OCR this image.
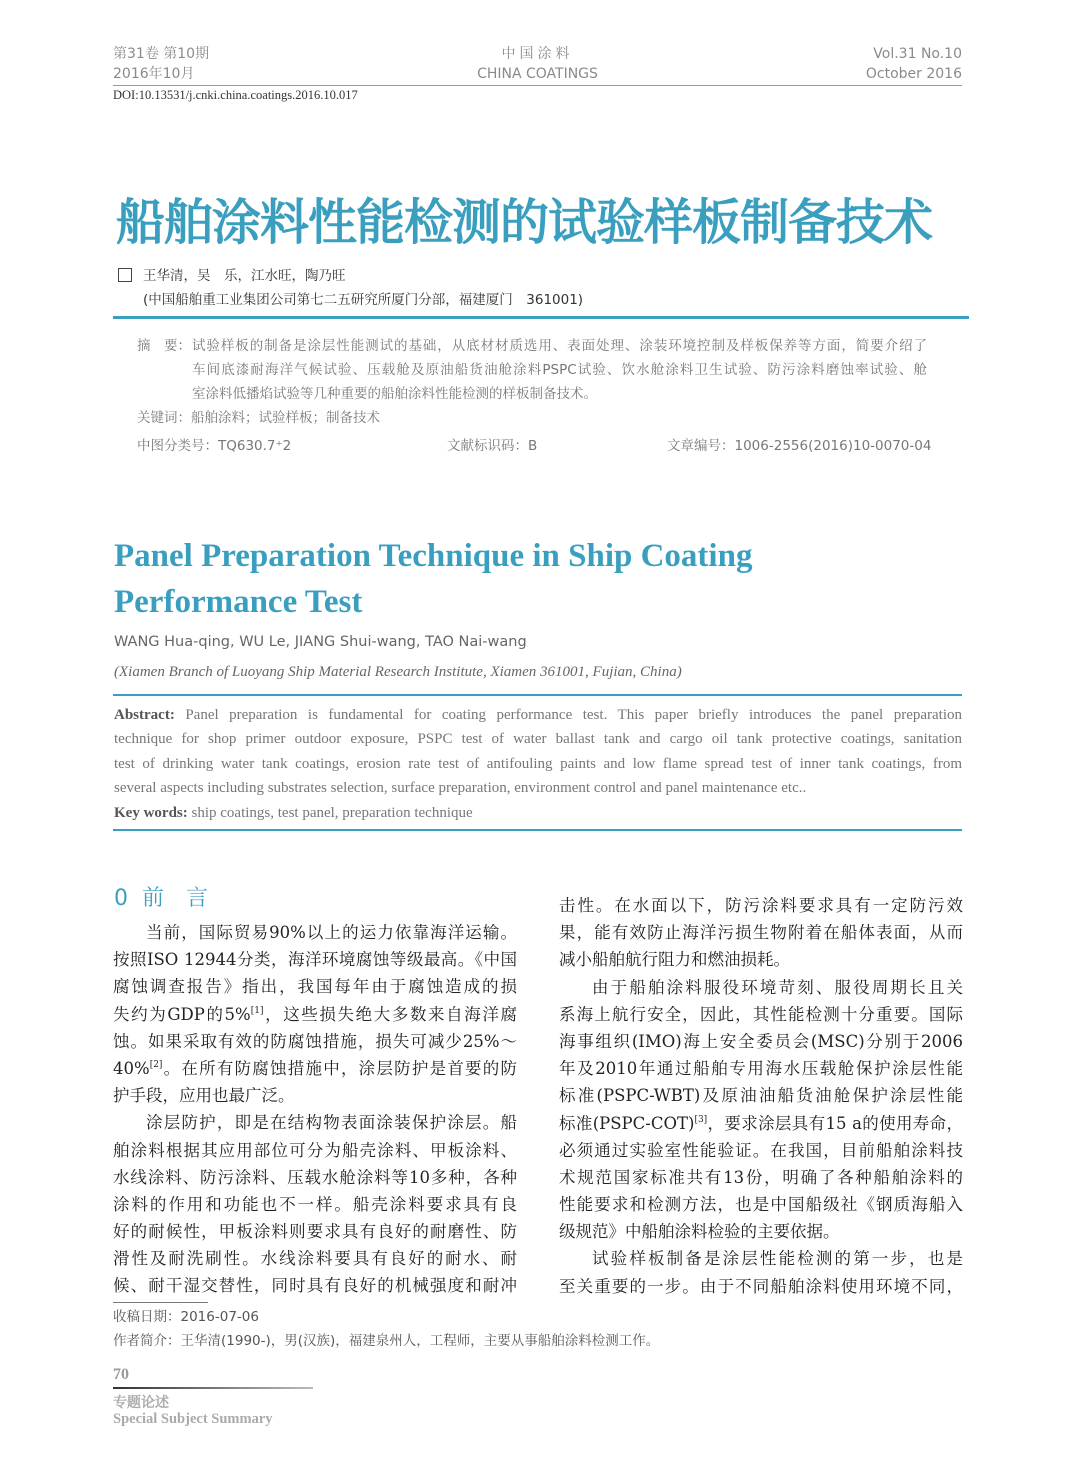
第31卷 第10期
2016年10月
中国涂料
CHINA COATINGS
Vol.31 No.10
October 2016
DOI:10.13531/j.cnki.china.coatings.2016.10.017
船舶涂料性能检测的试验样板制备技术
王华清，吴　乐，江水旺，陶乃旺
(中国船舶重工业集团公司第七二五研究所厦门分部，福建厦门　361001)
摘　要： 试验样板的制备是涂层性能测试的基础，从底材材质选用、表面处理、涂装环境控制及样板保养等方面，简要介绍了
车间底漆耐海洋气候试验、压载舱及原油船货油舱涂料PSPC试验、饮水舱涂料卫生试验、防污涂料磨蚀率试验、舱
室涂料低播焰试验等几种重要的船舶涂料性能检测的样板制备技术。
关键词：船舶涂料；试验样板；制备技术
中图分类号：TQ630.7⁺2	文献标识码：B	文章编号：1006-2556(2016)10-0070-04
Panel Preparation Technique in Ship Coating
Performance Test
WANG Hua-qing, WU Le, JIANG Shui-wang, TAO Nai-wang
(Xiamen Branch of Luoyang Ship Material Research Institute, Xiamen 361001, Fujian, China)
Abstract: Panel preparation is fundamental for coating performance test. This paper briefly introduces the panel preparation
technique for shop primer outdoor exposure, PSPC test of water ballast tank and cargo oil tank protective coatings, sanitation
test of drinking water tank coatings, erosion rate test of antifouling paints and low flame spread test of inner tank coatings, from
several aspects including substrates selection, surface preparation, environment control and panel maintenance etc..
Key words: ship coatings, test panel, preparation technique
0 前　言
当前，国际贸易90%以上的运力依靠海洋运输。
按照ISO 12944分类，海洋环境腐蚀等级最高。《中国
腐蚀调查报告》指出，我国每年由于腐蚀造成的损
失约为GDP的5%[1]，这些损失绝大多数来自海洋腐
蚀。如果采取有效的防腐蚀措施，损失可减少25%～
40%[2]。在所有防腐蚀措施中，涂层防护是首要的防
护手段，应用也最广泛。
涂层防护，即是在结构物表面涂装保护涂层。船
舶涂料根据其应用部位可分为船壳涂料、甲板涂料、
水线涂料、防污涂料、压载水舱涂料等10多种，各种
涂料的作用和功能也不一样。船壳涂料要求具有良
好的耐候性，甲板涂料则要求具有良好的耐磨性、防
滑性及耐洗刷性。水线涂料要具有良好的耐水、耐
候、耐干湿交替性，同时具有良好的机械强度和耐冲
击性。在水面以下，防污涂料要求具有一定防污效
果，能有效防止海洋污损生物附着在船体表面，从而
减小船舶航行阻力和燃油损耗。
由于船舶涂料服役环境苛刻、服役周期长且关
系海上航行安全，因此，其性能检测十分重要。国际
海事组织(IMO)海上安全委员会(MSC)分别于2006
年及2010年通过船舶专用海水压载舱保护涂层性能
标准(PSPC-WBT)及原油油船货油舱保护涂层性能
标准(PSPC-COT)[3]，要求涂层具有15 a的使用寿命，
必须通过实验室性能验证。在我国，目前船舶涂料技
术规范国家标准共有13份，明确了各种船舶涂料的
性能要求和检测方法，也是中国船级社《钢质海船入
级规范》中船舶涂料检验的主要依据。
试验样板制备是涂层性能检测的第一步，也是
至关重要的一步。由于不同船舶涂料使用环境不同，
收稿日期：2016-07-06
作者简介：王华清(1990-)，男(汉族)，福建泉州人，工程师，主要从事船舶涂料检测工作。
70
专题论述
Special Subject Summary
